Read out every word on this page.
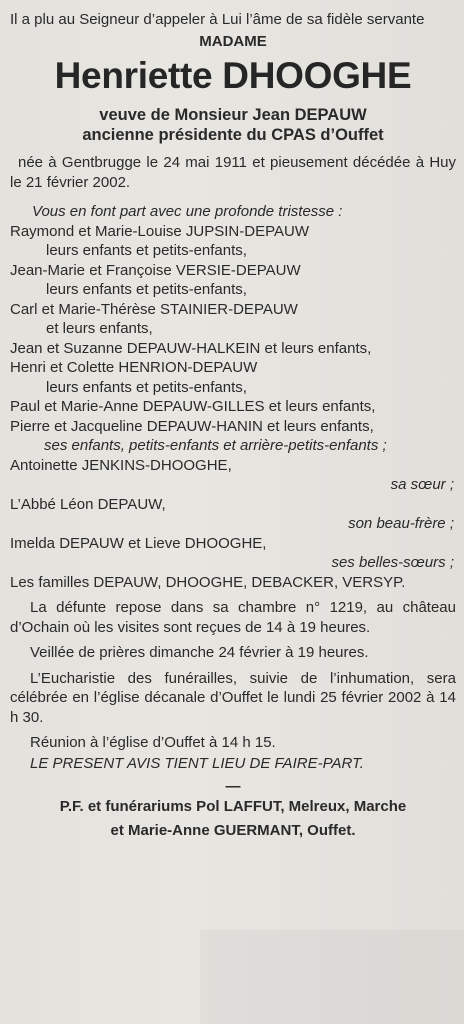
Il a plu au Seigneur d’appeler à Lui l’âme de sa fidèle servante

MADAME
Henriette DHOOGHE
veuve de Monsieur Jean DEPAUW
ancienne présidente du CPAS d’Ouffet
née à Gentbrugge le 24 mai 1911 et pieusement décédée à Huy le 21 février 2002.
Vous en font part avec une profonde tristesse :
Raymond et Marie-Louise JUPSIN-DEPAUW
leurs enfants et petits-enfants,
Jean-Marie et Françoise VERSIE-DEPAUW
leurs enfants et petits-enfants,
Carl et Marie-Thérèse STAINIER-DEPAUW
et leurs enfants,
Jean et Suzanne DEPAUW-HALKEIN et leurs enfants,
Henri et Colette HENRION-DEPAUW
leurs enfants et petits-enfants,
Paul et Marie-Anne DEPAUW-GILLES et leurs enfants,
Pierre et Jacqueline DEPAUW-HANIN et leurs enfants,
ses enfants, petits-enfants et arrière-petits-enfants ;
Antoinette JENKINS-DHOOGHE,
sa sœur ;
L’Abbé Léon DEPAUW,
son beau-frère ;
Imelda DEPAUW et Lieve DHOOGHE,
ses belles-sœurs ;
Les familles DEPAUW, DHOOGHE, DEBACKER, VERSYP.
La défunte repose dans sa chambre n° 1219, au château d’Ochain où les visites sont reçues de 14 à 19 heures.
Veillée de prières dimanche 24 février à 19 heures.
L’Eucharistie des funérailles, suivie de l’inhumation, sera célébrée en l’église décanale d’Ouffet le lundi 25 février 2002 à 14 h 30.
Réunion à l’église d’Ouffet à 14 h 15.
LE PRESENT AVIS TIENT LIEU DE FAIRE-PART.
—
P.F. et funérariums Pol LAFFUT, Melreux, Marche
et Marie-Anne GUERMANT, Ouffet.
